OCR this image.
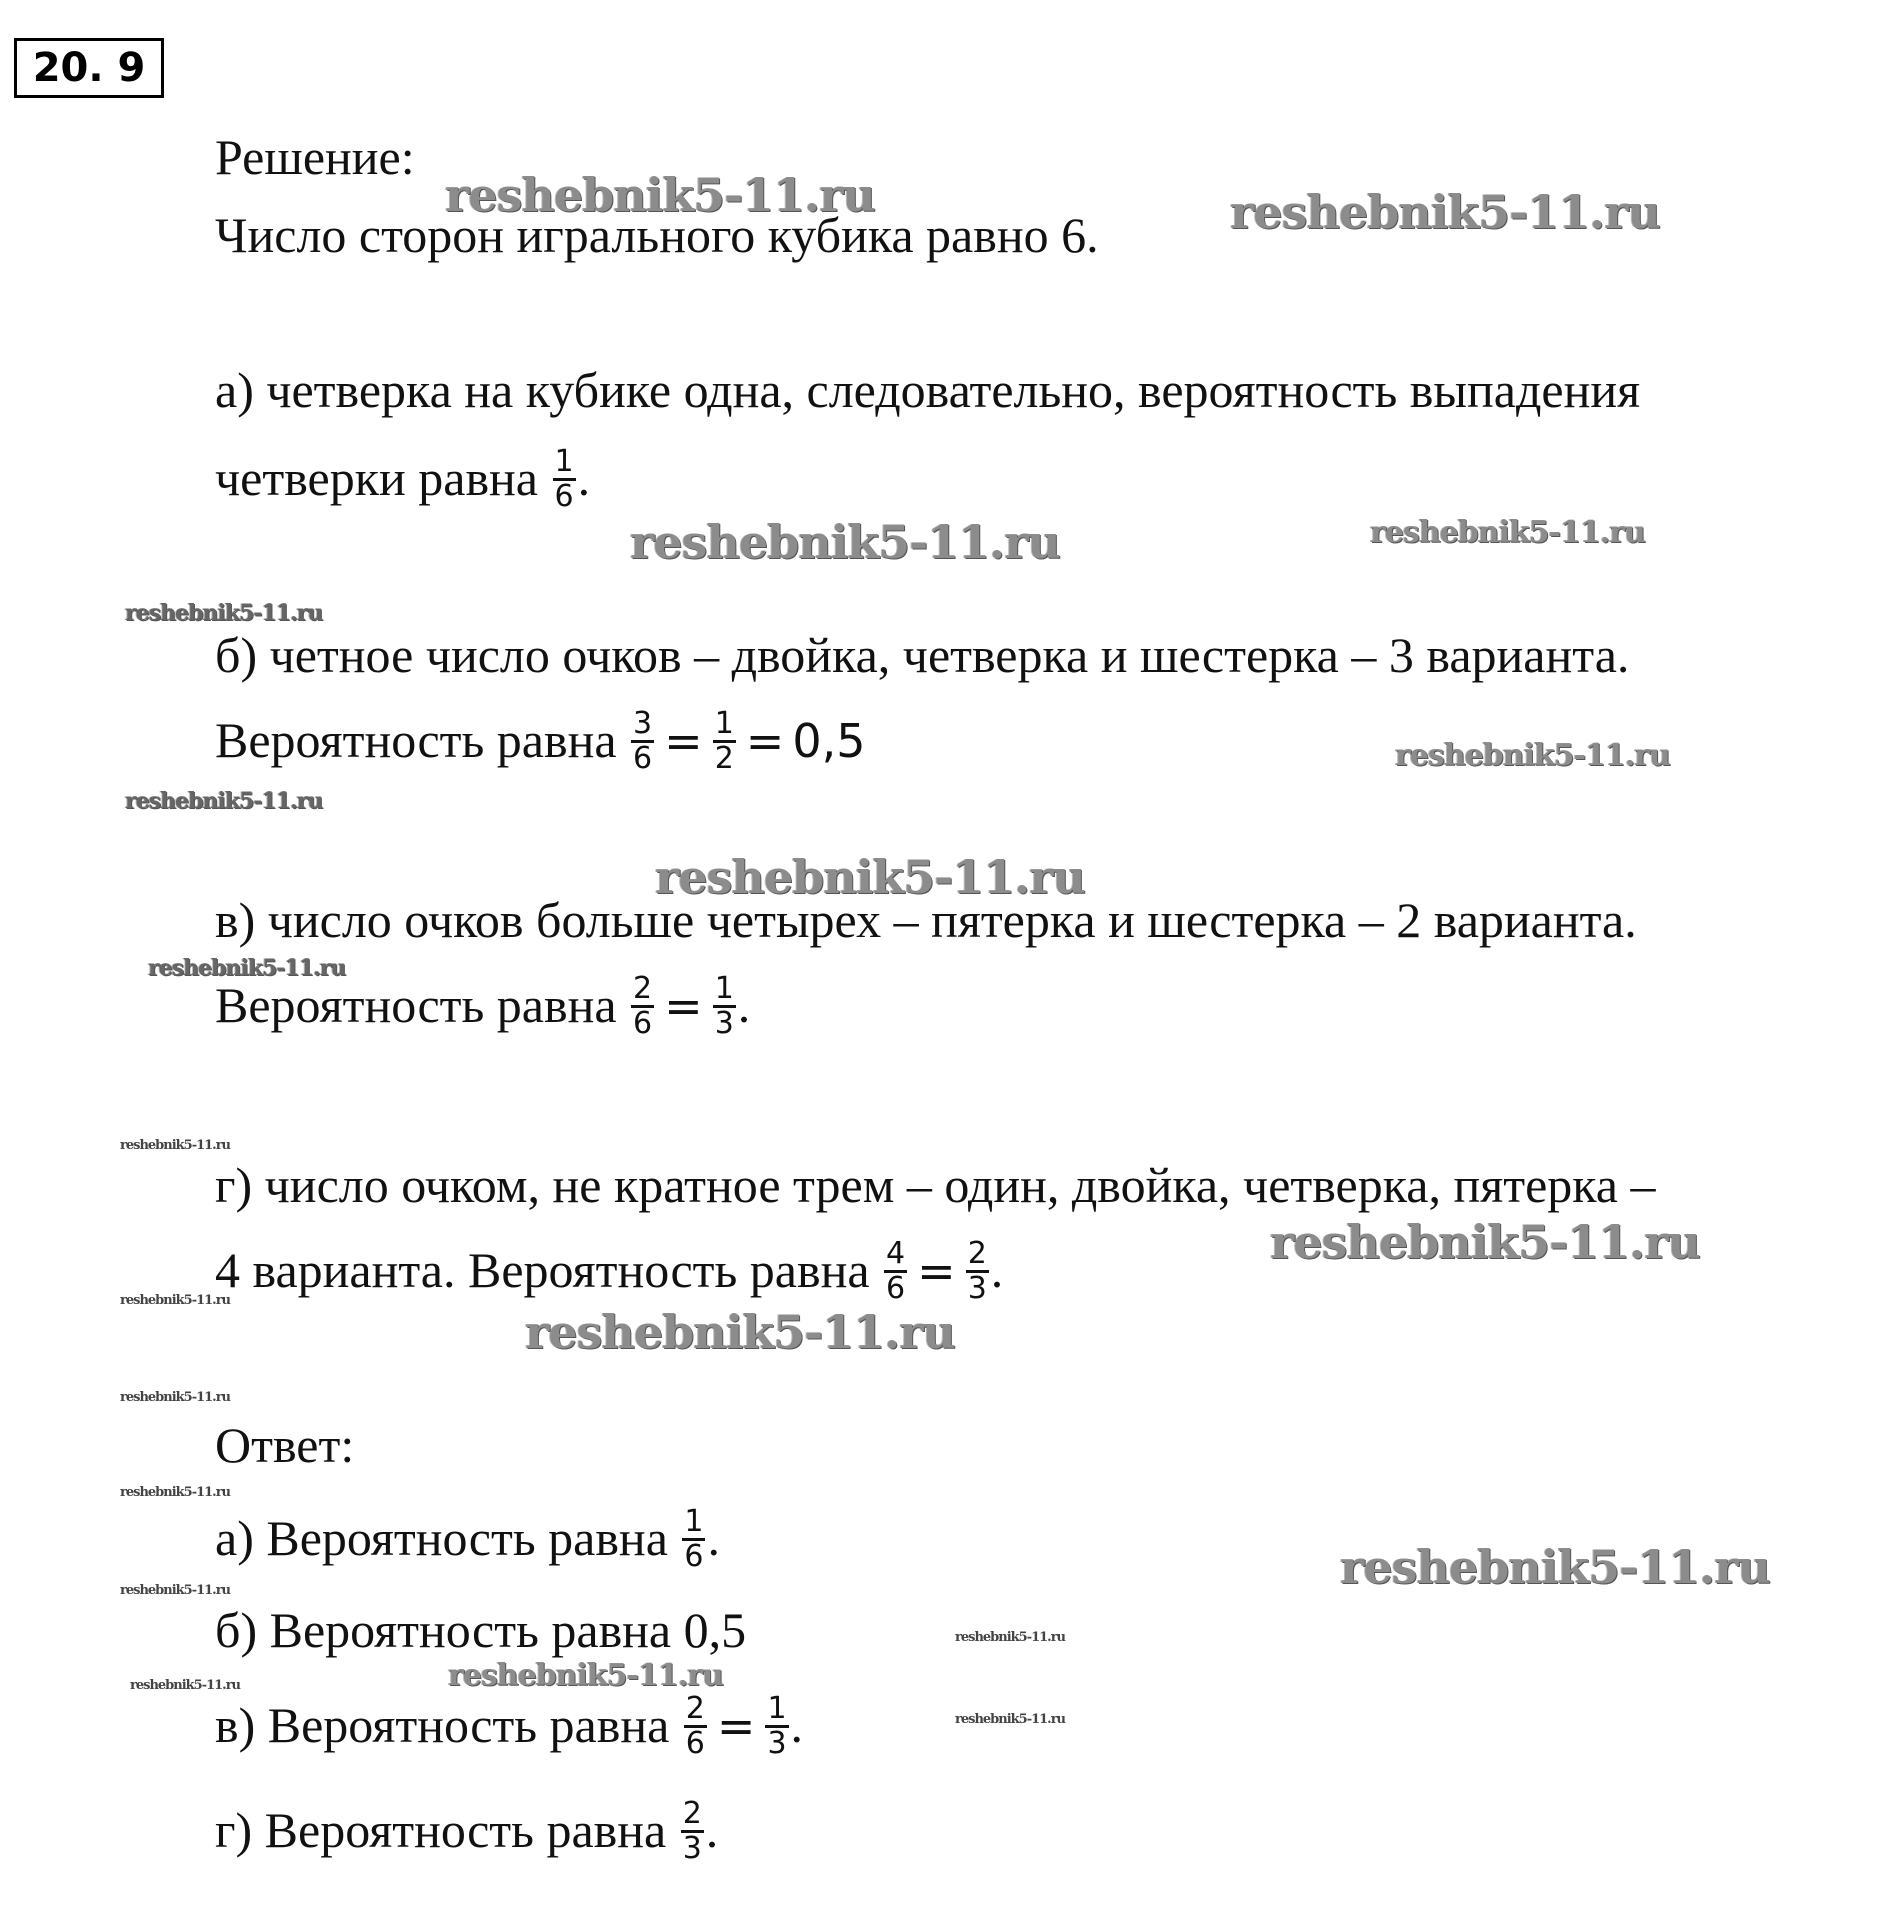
20. 9
Решение:
Число сторон игрального кубика равно 6.
а) четверка на кубике одна, следовательно, вероятность выпадения
четверки равна $\frac{1}{6}$ .
б) четное число очков – двойка, четверка и шестерка – 3 варианта.
Вероятность равна $\frac{3}{6} = \frac{1}{2} = 0,5$
в) число очков больше четырех – пятерка и шестерка – 2 варианта.
Вероятность равна $\frac{2}{6} = \frac{1}{3}$ .
г) число очком, не кратное трем – один, двойка, четверка, пятерка –
4 варианта. Вероятность равна $\frac{4}{6} = \frac{2}{3}$ .
Ответ:
а) Вероятность равна $\frac{1}{6}$ .
б) Вероятность равна 0,5
в) Вероятность равна $\frac{2}{6} = \frac{1}{3}$ .
г) Вероятность равна $\frac{2}{3}$ .
reshebnik5-11.ru	reshebnik5-11.ru
reshebnik5-11.ru	reshebnik5-11.ru
reshebnik5-11.ru
reshebnik5-11.ru
reshebnik5-11.ru
reshebnik5-11.ru
reshebnik5-11.ru
reshebnik5-11.ru
reshebnik5-11.ru
reshebnik5-11.ru
reshebnik5-11.ru
reshebnik5-11.ru
reshebnik5-11.ru
reshebnik5-11.ru
reshebnik5-11.ru
reshebnik5-11.ru
reshebnik5-11.ru
reshebnik5-11.ru
reshebnik5-11.ru
